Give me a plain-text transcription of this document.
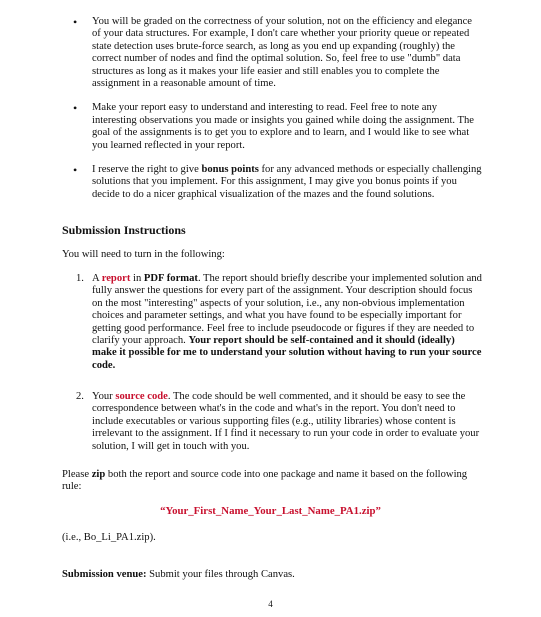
• You will be graded on the correctness of your solution, not on the efficiency and elegance of your data structures. For example, I don't care whether your priority queue or repeated state detection uses brute-force search, as long as you end up expanding (roughly) the correct number of nodes and find the optimal solution. So, feel free to use "dumb" data structures as long as it makes your life easier and still enables you to complete the assignment in a reasonable amount of time.

• Make your report easy to understand and interesting to read. Feel free to note any interesting observations you made or insights you gained while doing the assignment. The goal of the assignments is to get you to explore and to learn, and I would like to see what you learned reflected in your report.

• I reserve the right to give bonus points for any advanced methods or especially challenging solutions that you implement. For this assignment, I may give you bonus points if you decide to do a nicer graphical visualization of the mazes and the found solutions.

Submission Instructions

You will need to turn in the following:

1. A report in PDF format. The report should briefly describe your implemented solution and fully answer the questions for every part of the assignment. Your description should focus on the most "interesting" aspects of your solution, i.e., any non-obvious implementation choices and parameter settings, and what you have found to be especially important for getting good performance. Feel free to include pseudocode or figures if they are needed to clarify your approach. Your report should be self-contained and it should (ideally) make it possible for me to understand your solution without having to run your source code.

2. Your source code. The code should be well commented, and it should be easy to see the correspondence between what's in the code and what's in the report. You don't need to include executables or various supporting files (e.g., utility libraries) whose content is irrelevant to the assignment. If I find it necessary to run your code in order to evaluate your solution, I will get in touch with you.

Please zip both the report and source code into one package and name it based on the following rule:

“Your_First_Name_Your_Last_Name_PA1.zip”

(i.e., Bo_Li_PA1.zip).

Submission venue: Submit your files through Canvas.

4
